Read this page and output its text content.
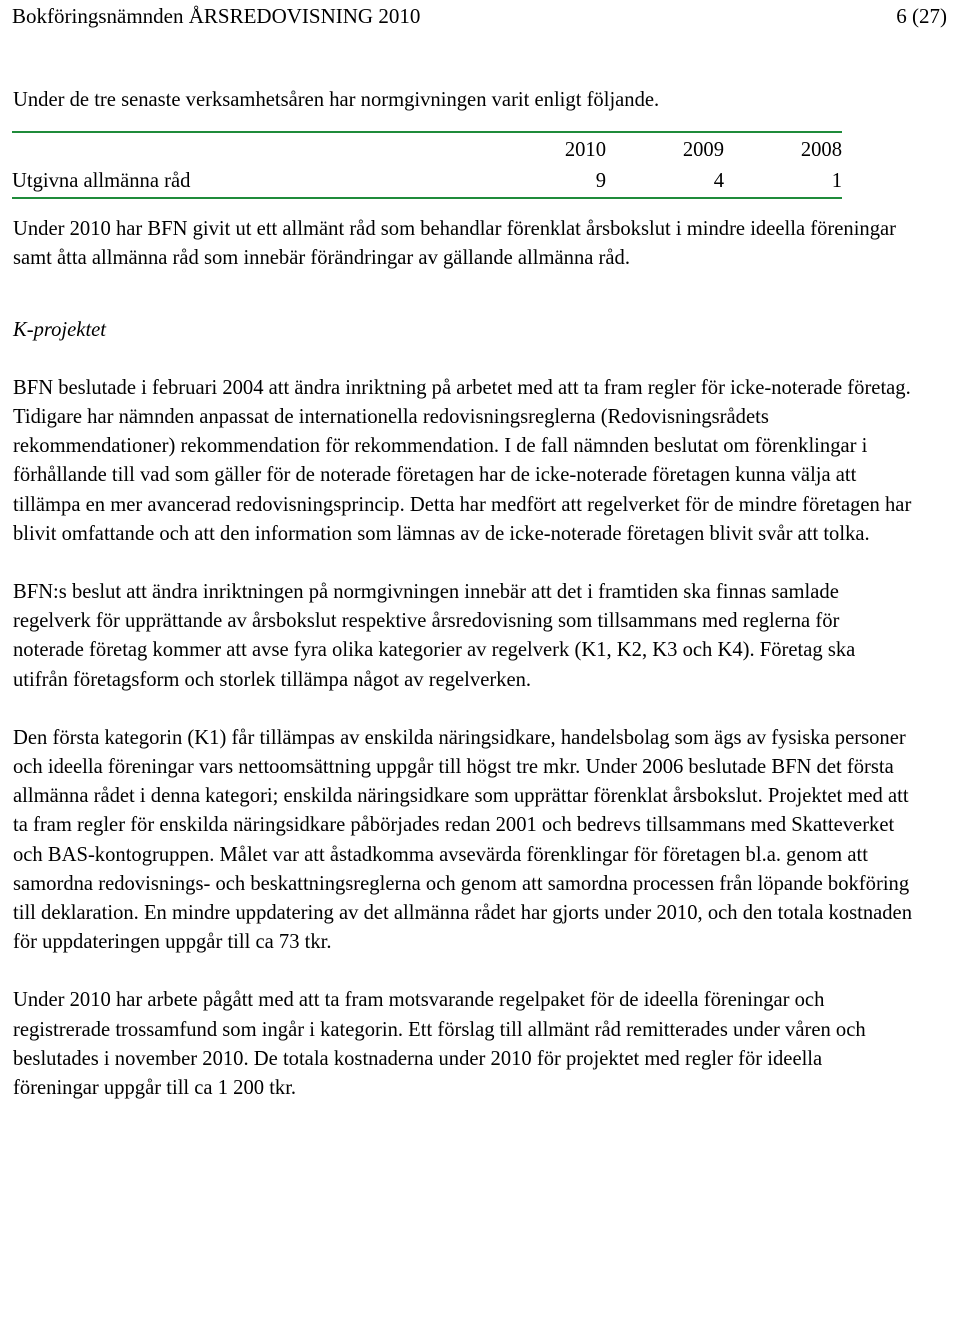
Bokföringsnämnden ÅRSREDOVISNING 2010	6 (27)

Under de tre senaste verksamhetsåren har normgivningen varit enligt följande.

	2010	2009	2008
Utgivna allmänna råd	9	4	1

Under 2010 har BFN givit ut ett allmänt råd som behandlar förenklat årsbokslut i mindre ideella föreningar samt åtta allmänna råd som innebär förändringar av gällande allmänna råd.

K-projektet

BFN beslutade i februari 2004 att ändra inriktning på arbetet med att ta fram regler för icke-noterade företag. Tidigare har nämnden anpassat de internationella redovisningsreglerna (Redovisningsrådets rekommendationer) rekommendation för rekommendation. I de fall nämnden beslutat om förenklingar i förhållande till vad som gäller för de noterade företagen har de icke-noterade företagen kunna välja att tillämpa en mer avancerad redovisningsprincip. Detta har medfört att regelverket för de mindre företagen har blivit omfattande och att den information som lämnas av de icke-noterade företagen blivit svår att tolka.

BFN:s beslut att ändra inriktningen på normgivningen innebär att det i framtiden ska finnas samlade regelverk för upprättande av årsbokslut respektive årsredovisning som tillsammans med reglerna för noterade företag kommer att avse fyra olika kategorier av regelverk (K1, K2, K3 och K4). Företag ska utifrån företagsform och storlek tillämpa något av regelverken.

Den första kategorin (K1) får tillämpas av enskilda näringsidkare, handelsbolag som ägs av fysiska personer och ideella föreningar vars nettoomsättning uppgår till högst tre mkr. Under 2006 beslutade BFN det första allmänna rådet i denna kategori; enskilda näringsidkare som upprättar förenklat årsbokslut. Projektet med att ta fram regler för enskilda näringsidkare påbörjades redan 2001 och bedrevs tillsammans med Skatteverket och BAS-kontogruppen. Målet var att åstadkomma avsevärda förenklingar för företagen bl.a. genom att samordna redovisnings- och beskattningsreglerna och genom att samordna processen från löpande bokföring till deklaration. En mindre uppdatering av det allmänna rådet har gjorts under 2010, och den totala kostnaden för uppdateringen uppgår till ca 73 tkr.

Under 2010 har arbete pågått med att ta fram motsvarande regelpaket för de ideella föreningar och registrerade trossamfund som ingår i kategorin. Ett förslag till allmänt råd remitterades under våren och beslutades i november 2010. De totala kostnaderna under 2010 för projektet med regler för ideella föreningar uppgår till ca 1 200 tkr.
